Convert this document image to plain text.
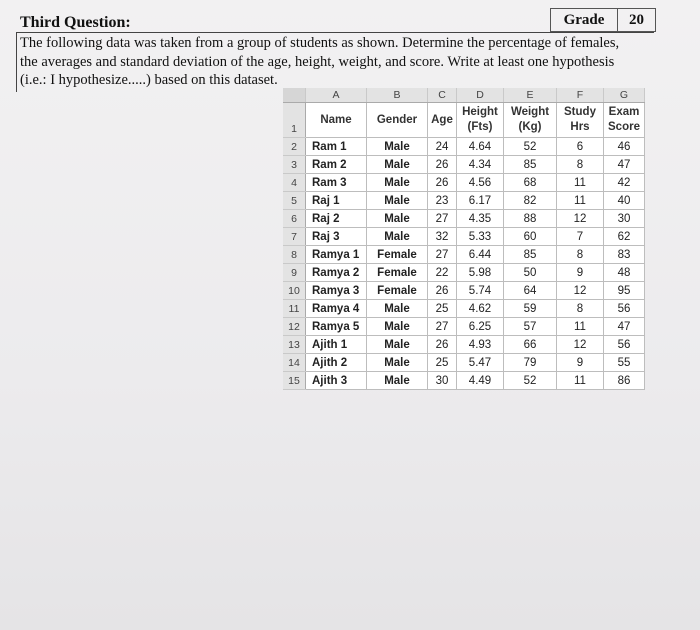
Third Question:	Grade	20
The following data was taken from a group of students as shown. Determine the percentage of females, the averages and standard deviation of the age, height, weight, and score. Write at least one hypothesis (i.e.: I hypothesize.....) based on this dataset.
	A	B	C	D	E	F	G
1	Name	Gender	Age	Height (Fts)	Weight (Kg)	Study Hrs	Exam Score
2	Ram 1	Male	24	4.64	52	6	46
3	Ram 2	Male	26	4.34	85	8	47
4	Ram 3	Male	26	4.56	68	11	42
5	Raj 1	Male	23	6.17	82	11	40
6	Raj 2	Male	27	4.35	88	12	30
7	Raj 3	Male	32	5.33	60	7	62
8	Ramya 1	Female	27	6.44	85	8	83
9	Ramya 2	Female	22	5.98	50	9	48
10	Ramya 3	Female	26	5.74	64	12	95
11	Ramya 4	Male	25	4.62	59	8	56
12	Ramya 5	Male	27	6.25	57	11	47
13	Ajith 1	Male	26	4.93	66	12	56
14	Ajith 2	Male	25	5.47	79	9	55
15	Ajith 3	Male	30	4.49	52	11	86
